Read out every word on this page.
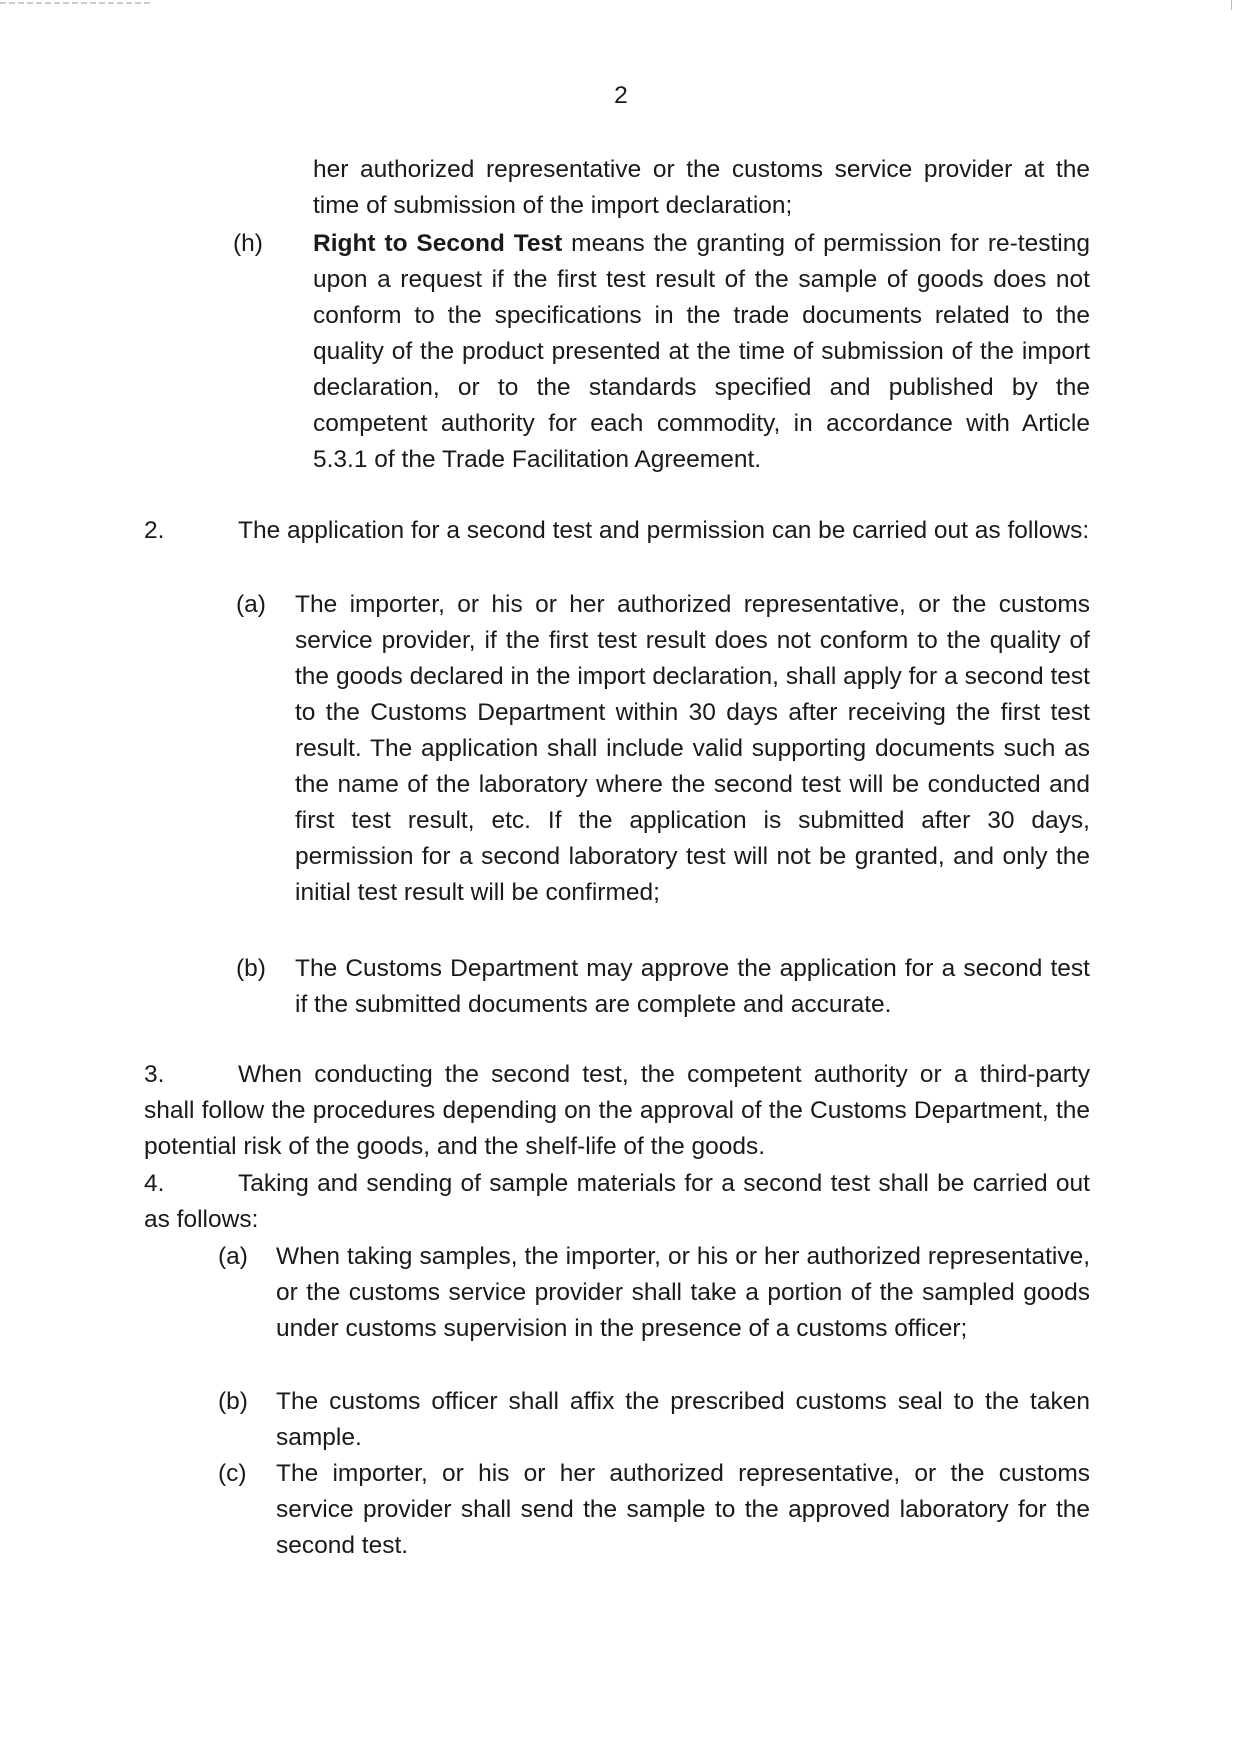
2
her authorized representative or the customs service provider at the time of submission of the import declaration;
(h) Right to Second Test means the granting of permission for re-testing upon a request if the first test result of the sample of goods does not conform to the specifications in the trade documents related to the quality of the product presented at the time of submission of the import declaration, or to the standards specified and published by the competent authority for each commodity, in accordance with Article 5.3.1 of the Trade Facilitation Agreement.
2.	The application for a second test and permission can be carried out as follows:
(a) The importer, or his or her authorized representative, or the customs service provider, if the first test result does not conform to the quality of the goods declared in the import declaration, shall apply for a second test to the Customs Department within 30 days after receiving the first test result. The application shall include valid supporting documents such as the name of the laboratory where the second test will be conducted and first test result, etc. If the application is submitted after 30 days, permission for a second laboratory test will not be granted, and only the initial test result will be confirmed;
(b) The Customs Department may approve the application for a second test if the submitted documents are complete and accurate.
3.	When conducting the second test, the competent authority or a third-party shall follow the procedures depending on the approval of the Customs Department, the potential risk of the goods, and the shelf-life of the goods.
4.	Taking and sending of sample materials for a second test shall be carried out as follows:
(a) When taking samples, the importer, or his or her authorized representative, or the customs service provider shall take a portion of the sampled goods under customs supervision in the presence of a customs officer;
(b) The customs officer shall affix the prescribed customs seal to the taken sample.
(c) The importer, or his or her authorized representative, or the customs service provider shall send the sample to the approved laboratory for the second test.
